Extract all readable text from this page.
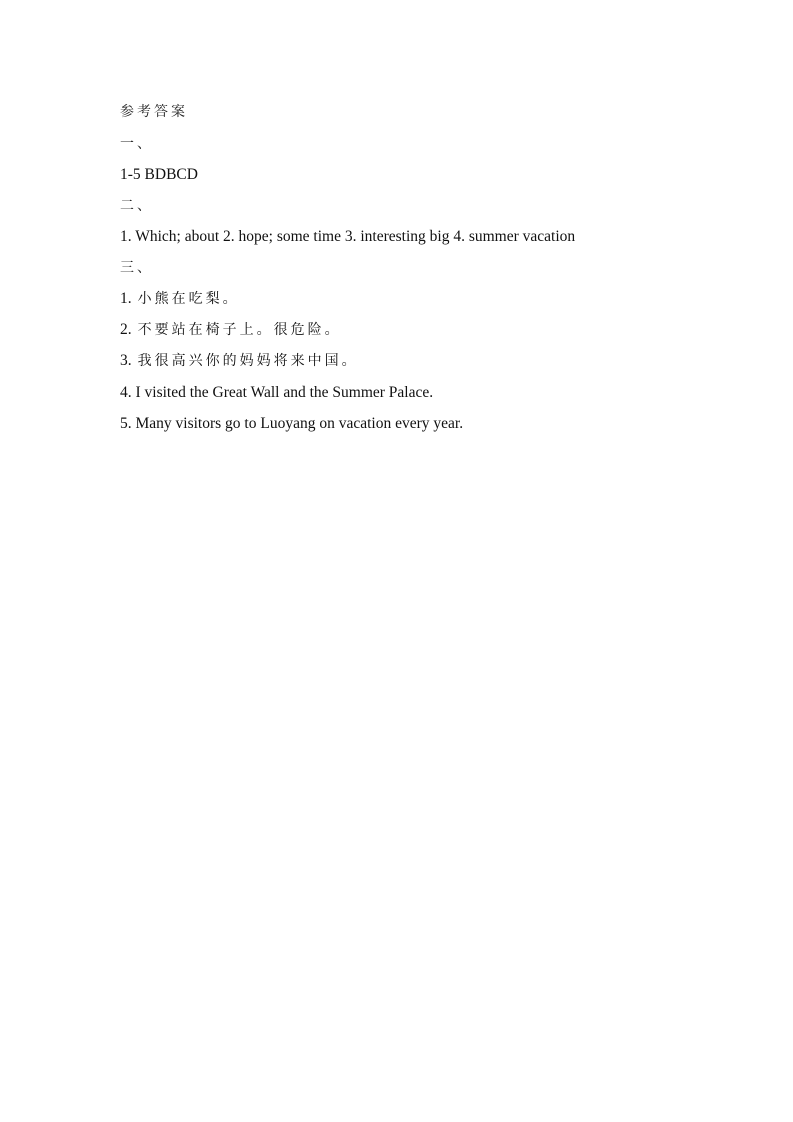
参考答案
一、
1-5 BDBCD
二、
1. Which; about 2. hope; some time 3. interesting big 4. summer vacation
三、
1. 小熊在吃梨。
2. 不要站在椅子上。很危险。
3. 我很高兴你的妈妈将来中国。
4. I visited the Great Wall and the Summer Palace.
5. Many visitors go to Luoyang on vacation every year.
